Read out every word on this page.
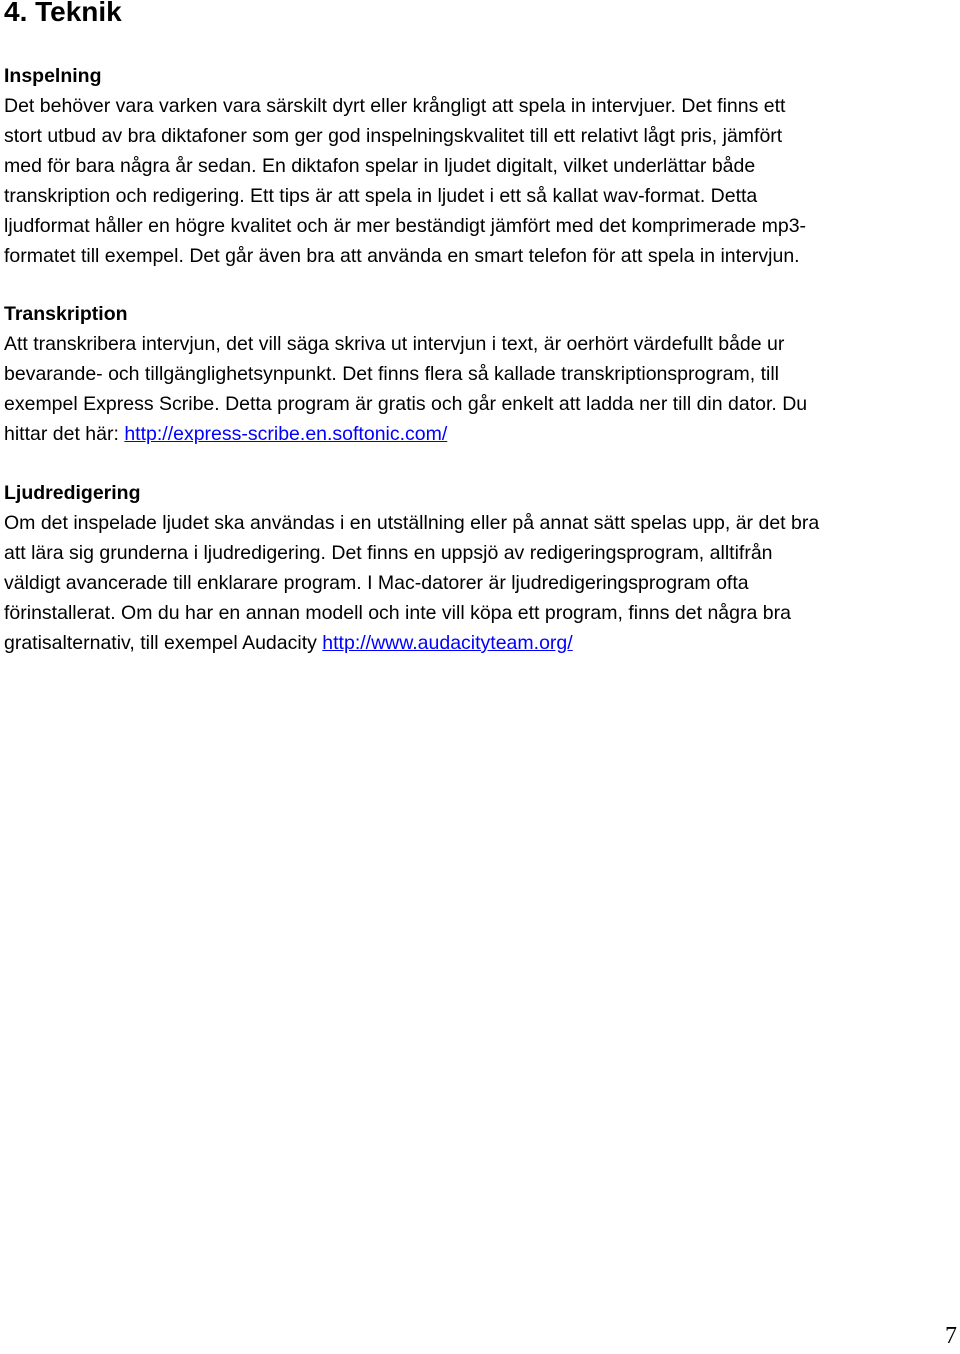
4. Teknik
Inspelning

Det behöver vara varken vara särskilt dyrt eller krångligt att spela in intervjuer. Det finns ett
stort utbud av bra diktafoner som ger god inspelningskvalitet till ett relativt lågt pris, jämfört
med för bara några år sedan. En diktafon spelar in ljudet digitalt, vilket underlättar både
transkription och redigering. Ett tips är att spela in ljudet i ett så kallat wav-format. Detta
ljudformat håller en högre kvalitet och är mer beständigt jämfört med det komprimerade mp3-
formatet till exempel. Det går även bra att använda en smart telefon för att spela in intervjun.

Transkription

Att transkribera intervjun, det vill säga skriva ut intervjun i text, är oerhört värdefullt både ur
bevarande- och tillgänglighetsynpunkt. Det finns flera så kallade transkriptionsprogram, till
exempel Express Scribe. Detta program är gratis och går enkelt att ladda ner till din dator. Du
hittar det här: http://express-scribe.en.softonic.com/

Ljudredigering

Om det inspelade ljudet ska användas i en utställning eller på annat sätt spelas upp, är det bra
att lära sig grunderna i ljudredigering. Det finns en uppsjö av redigeringsprogram, alltifrån
väldigt avancerade till enklarare program. I Mac-datorer är ljudredigeringsprogram ofta
förinstallerat. Om du har en annan modell och inte vill köpa ett program, finns det några bra
gratisalternativ, till exempel Audacity http://www.audacityteam.org/

7
